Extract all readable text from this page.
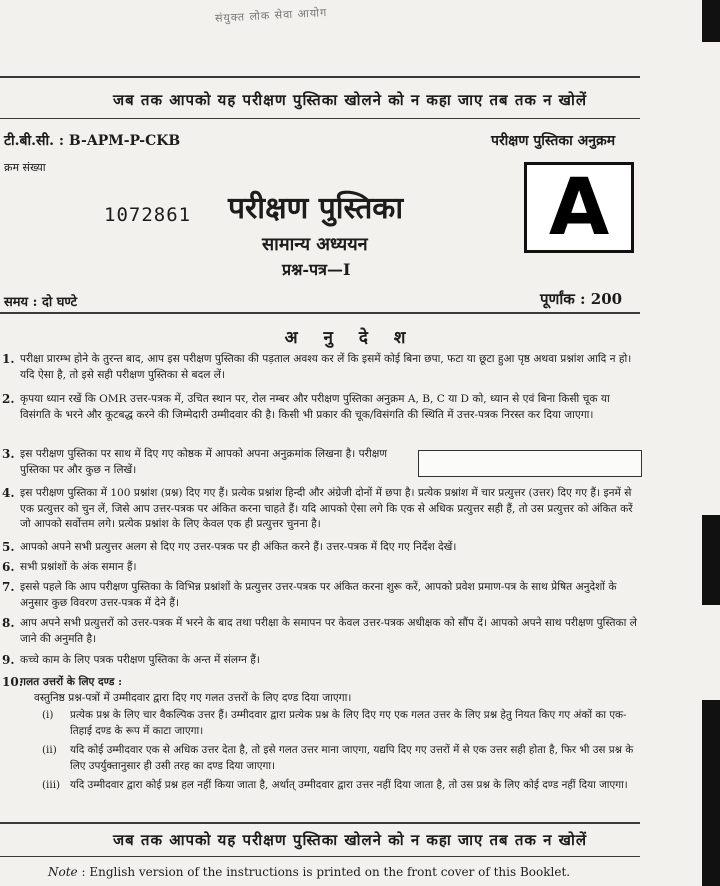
संयुक्त लोक सेवा आयोग
जब तक आपको यह परीक्षण पुस्तिका खोलने को न कहा जाए तब तक न खोलें
टी.बी.सी. : B-APM-P-CKB	परीक्षण पुस्तिका अनुक्रम
क्रम संख्या
1072861 परीक्षण पुस्तिका
सामान्य अध्ययन
प्रश्न-पत्र—I
A
समय : दो घण्टे	पूर्णांक : 200
अ नु दे श
1. परीक्षा प्रारम्भ होने के तुरन्त बाद, आप इस परीक्षण पुस्तिका की पड़ताल अवश्य कर लें कि इसमें कोई बिना छपा, फटा या छूटा हुआ पृष्ठ अथवा प्रश्नांश आदि न हो। यदि ऐसा है, तो इसे सही परीक्षण पुस्तिका से बदल लें।
2. कृपया ध्यान रखें कि OMR उत्तर-पत्रक में, उचित स्थान पर, रोल नम्बर और परीक्षण पुस्तिका अनुक्रम A, B, C या D को, ध्यान से एवं बिना किसी चूक या विसंगति के भरने और कूटबद्ध करने की जिम्मेदारी उम्मीदवार की है। किसी भी प्रकार की चूक/विसंगति की स्थिति में उत्तर-पत्रक निरस्त कर दिया जाएगा।
3. इस परीक्षण पुस्तिका पर साथ में दिए गए कोष्ठक में आपको अपना अनुक्रमांक लिखना है। परीक्षण पुस्तिका पर और कुछ न लिखें।
4. इस परीक्षण पुस्तिका में 100 प्रश्नांश (प्रश्न) दिए गए हैं। प्रत्येक प्रश्नांश हिन्दी और अंग्रेजी दोनों में छपा है। प्रत्येक प्रश्नांश में चार प्रत्युत्तर (उत्तर) दिए गए हैं। इनमें से एक प्रत्युत्तर को चुन लें, जिसे आप उत्तर-पत्रक पर अंकित करना चाहते हैं। यदि आपको ऐसा लगे कि एक से अधिक प्रत्युत्तर सही हैं, तो उस प्रत्युत्तर को अंकित करें जो आपको सर्वोत्तम लगे। प्रत्येक प्रश्नांश के लिए केवल एक ही प्रत्युत्तर चुनना है।
5. आपको अपने सभी प्रत्युत्तर अलग से दिए गए उत्तर-पत्रक पर ही अंकित करने हैं। उत्तर-पत्रक में दिए गए निर्देश देखें।
6. सभी प्रश्नांशों के अंक समान हैं।
7. इससे पहले कि आप परीक्षण पुस्तिका के विभिन्न प्रश्नांशों के प्रत्युत्तर उत्तर-पत्रक पर अंकित करना शुरू करें, आपको प्रवेश प्रमाण-पत्र के साथ प्रेषित अनुदेशों के अनुसार कुछ विवरण उत्तर-पत्रक में देने हैं।
8. आप अपने सभी प्रत्युत्तरों को उत्तर-पत्रक में भरने के बाद तथा परीक्षा के समापन पर केवल उत्तर-पत्रक अधीक्षक को सौंप दें। आपको अपने साथ परीक्षण पुस्तिका ले जाने की अनुमति है।
9. कच्चे काम के लिए पत्रक परीक्षण पुस्तिका के अन्त में संलग्न हैं।
10.
गलत उत्तरों के लिए दण्ड :
वस्तुनिष्ठ प्रश्न-पत्रों में उम्मीदवार द्वारा दिए गए गलत उत्तरों के लिए दण्ड दिया जाएगा।
(i) प्रत्येक प्रश्न के लिए चार वैकल्पिक उत्तर हैं। उम्मीदवार द्वारा प्रत्येक प्रश्न के लिए दिए गए एक गलत उत्तर के लिए प्रश्न हेतु नियत किए गए अंकों का एक-तिहाई दण्ड के रूप में काटा जाएगा।
(ii) यदि कोई उम्मीदवार एक से अधिक उत्तर देता है, तो इसे गलत उत्तर माना जाएगा, यद्यपि दिए गए उत्तरों में से एक उत्तर सही होता है, फिर भी उस प्रश्न के लिए उपर्युक्तानुसार ही उसी तरह का दण्ड दिया जाएगा।
(iii) यदि उम्मीदवार द्वारा कोई प्रश्न हल नहीं किया जाता है, अर्थात् उम्मीदवार द्वारा उत्तर नहीं दिया जाता है, तो उस प्रश्न के लिए कोई दण्ड नहीं दिया जाएगा।
जब तक आपको यह परीक्षण पुस्तिका खोलने को न कहा जाए तब तक न खोलें
Note : English version of the instructions is printed on the front cover of this Booklet.
